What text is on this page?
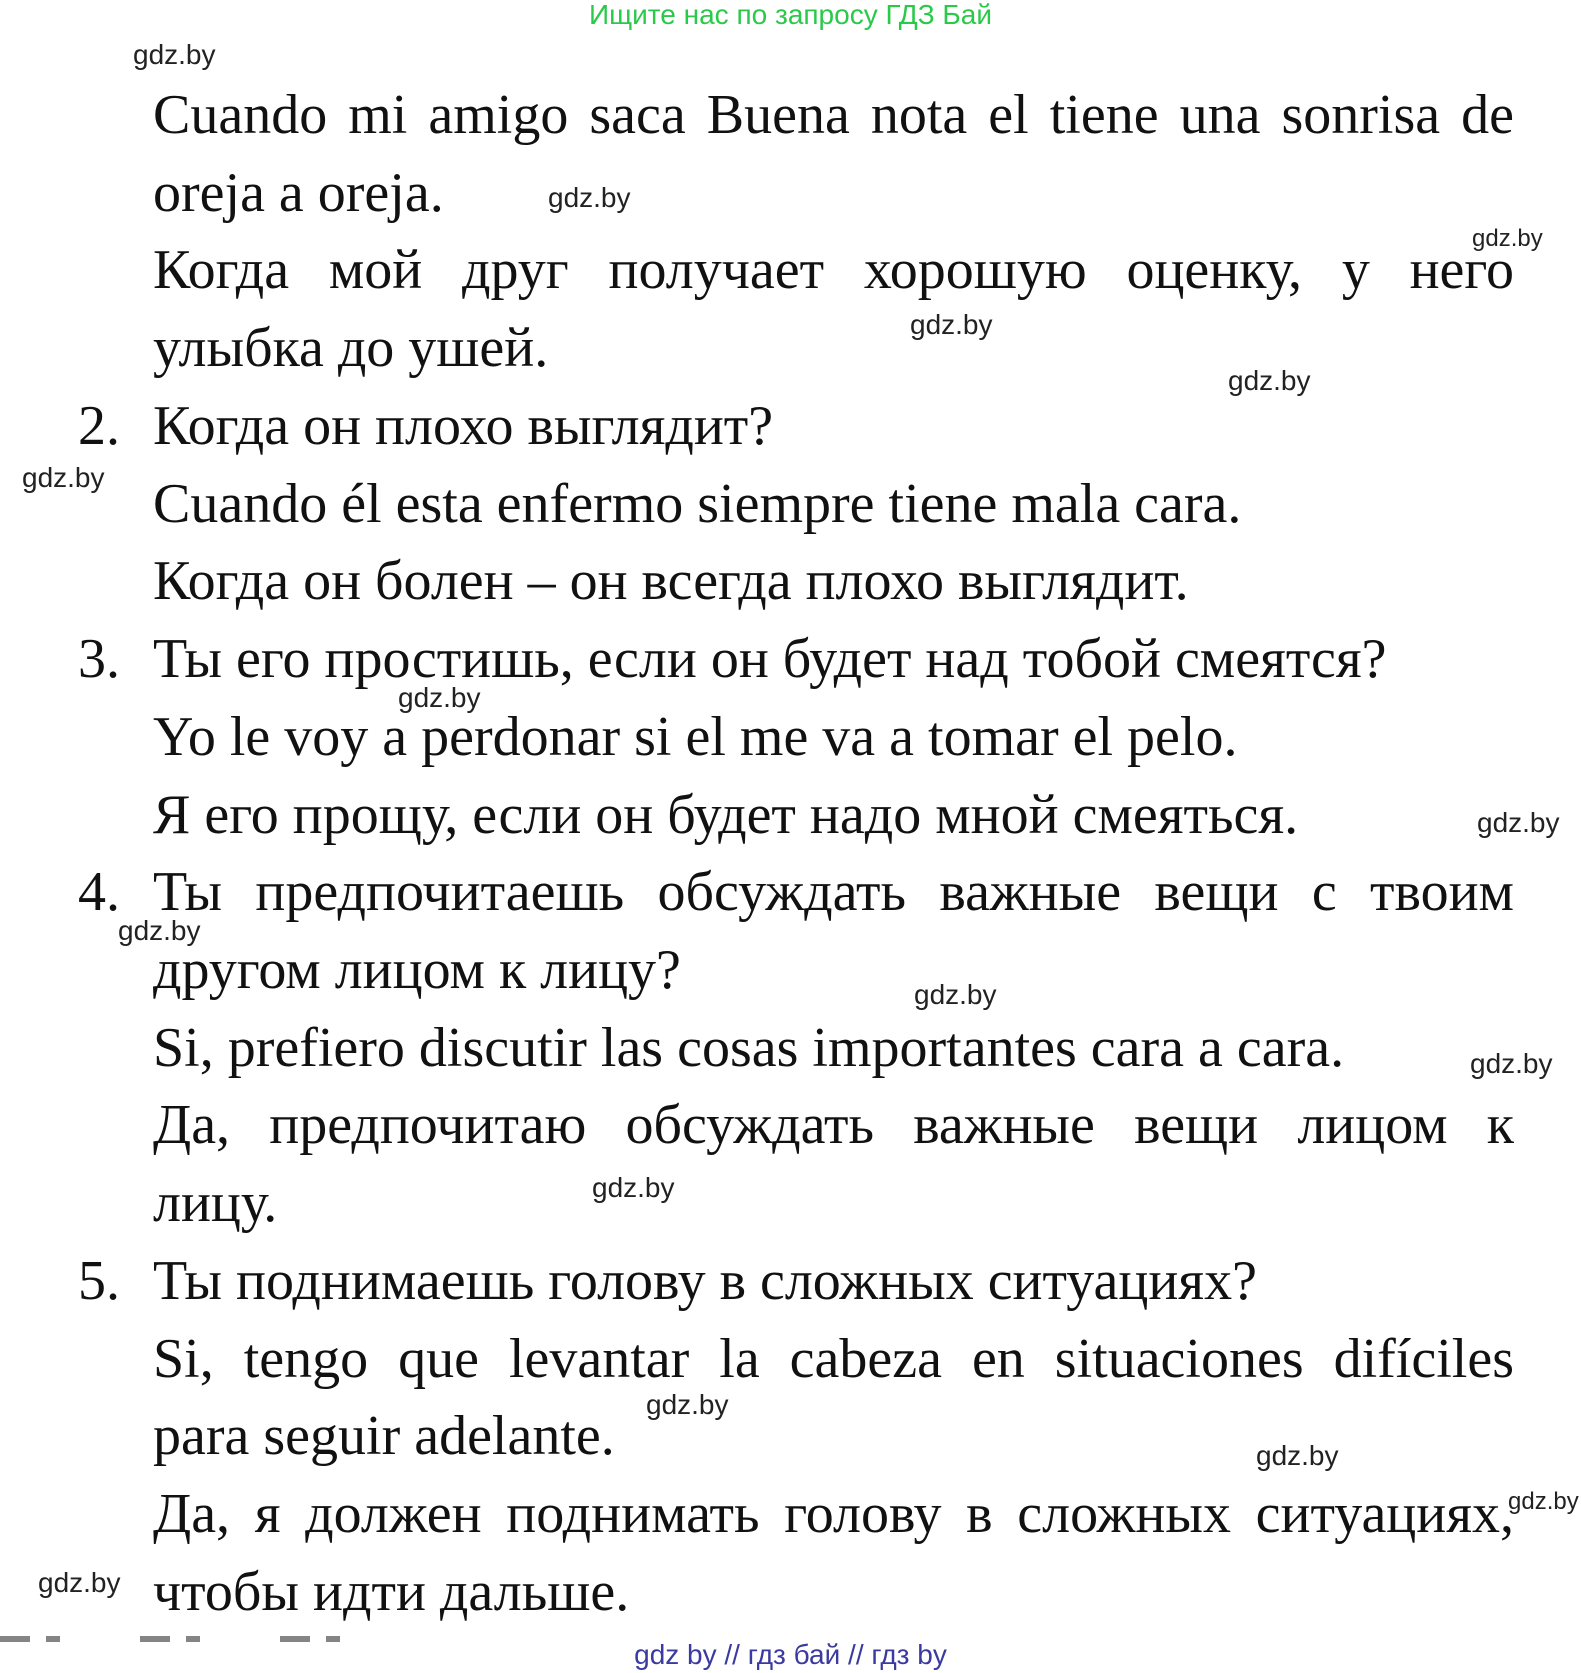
Ищите нас по запросу ГДЗ Бай
gdz.by
gdz.by
gdz.by
gdz.by
gdz.by
gdz.by
gdz.by
gdz.by
gdz.by
gdz.by
gdz.by
gdz.by
gdz.by
gdz.by
gdz.by
gdz.by
Cuando mi amigo saca Buena nota el tiene una sonrisa de
oreja a oreja.
Когда мой друг получает хорошую оценку, у него
улыбка до ушей.
2. Когда он плохо выглядит?
Cuando él esta enfermo siempre tiene mala cara.
Когда он болен – он всегда плохо выглядит.
3. Ты его простишь, если он будет над тобой смеятся?
Yo le voy a perdonar si el me va a tomar el pelo.
Я его прощу, если он будет надо мной смеяться.
4. Ты предпочитаешь обсуждать важные вещи с твоим
другом лицом к лицу?
Si, prefiero discutir las cosas importantes cara a cara.
Да, предпочитаю обсуждать важные вещи лицом к
лицу.
5. Ты поднимаешь голову в сложных ситуациях?
Si, tengo que levantar la cabeza en situaciones difíciles
para seguir adelante.
Да, я должен поднимать голову в сложных ситуациях,
чтобы идти дальше.
gdz by // гдз бай // гдз by
